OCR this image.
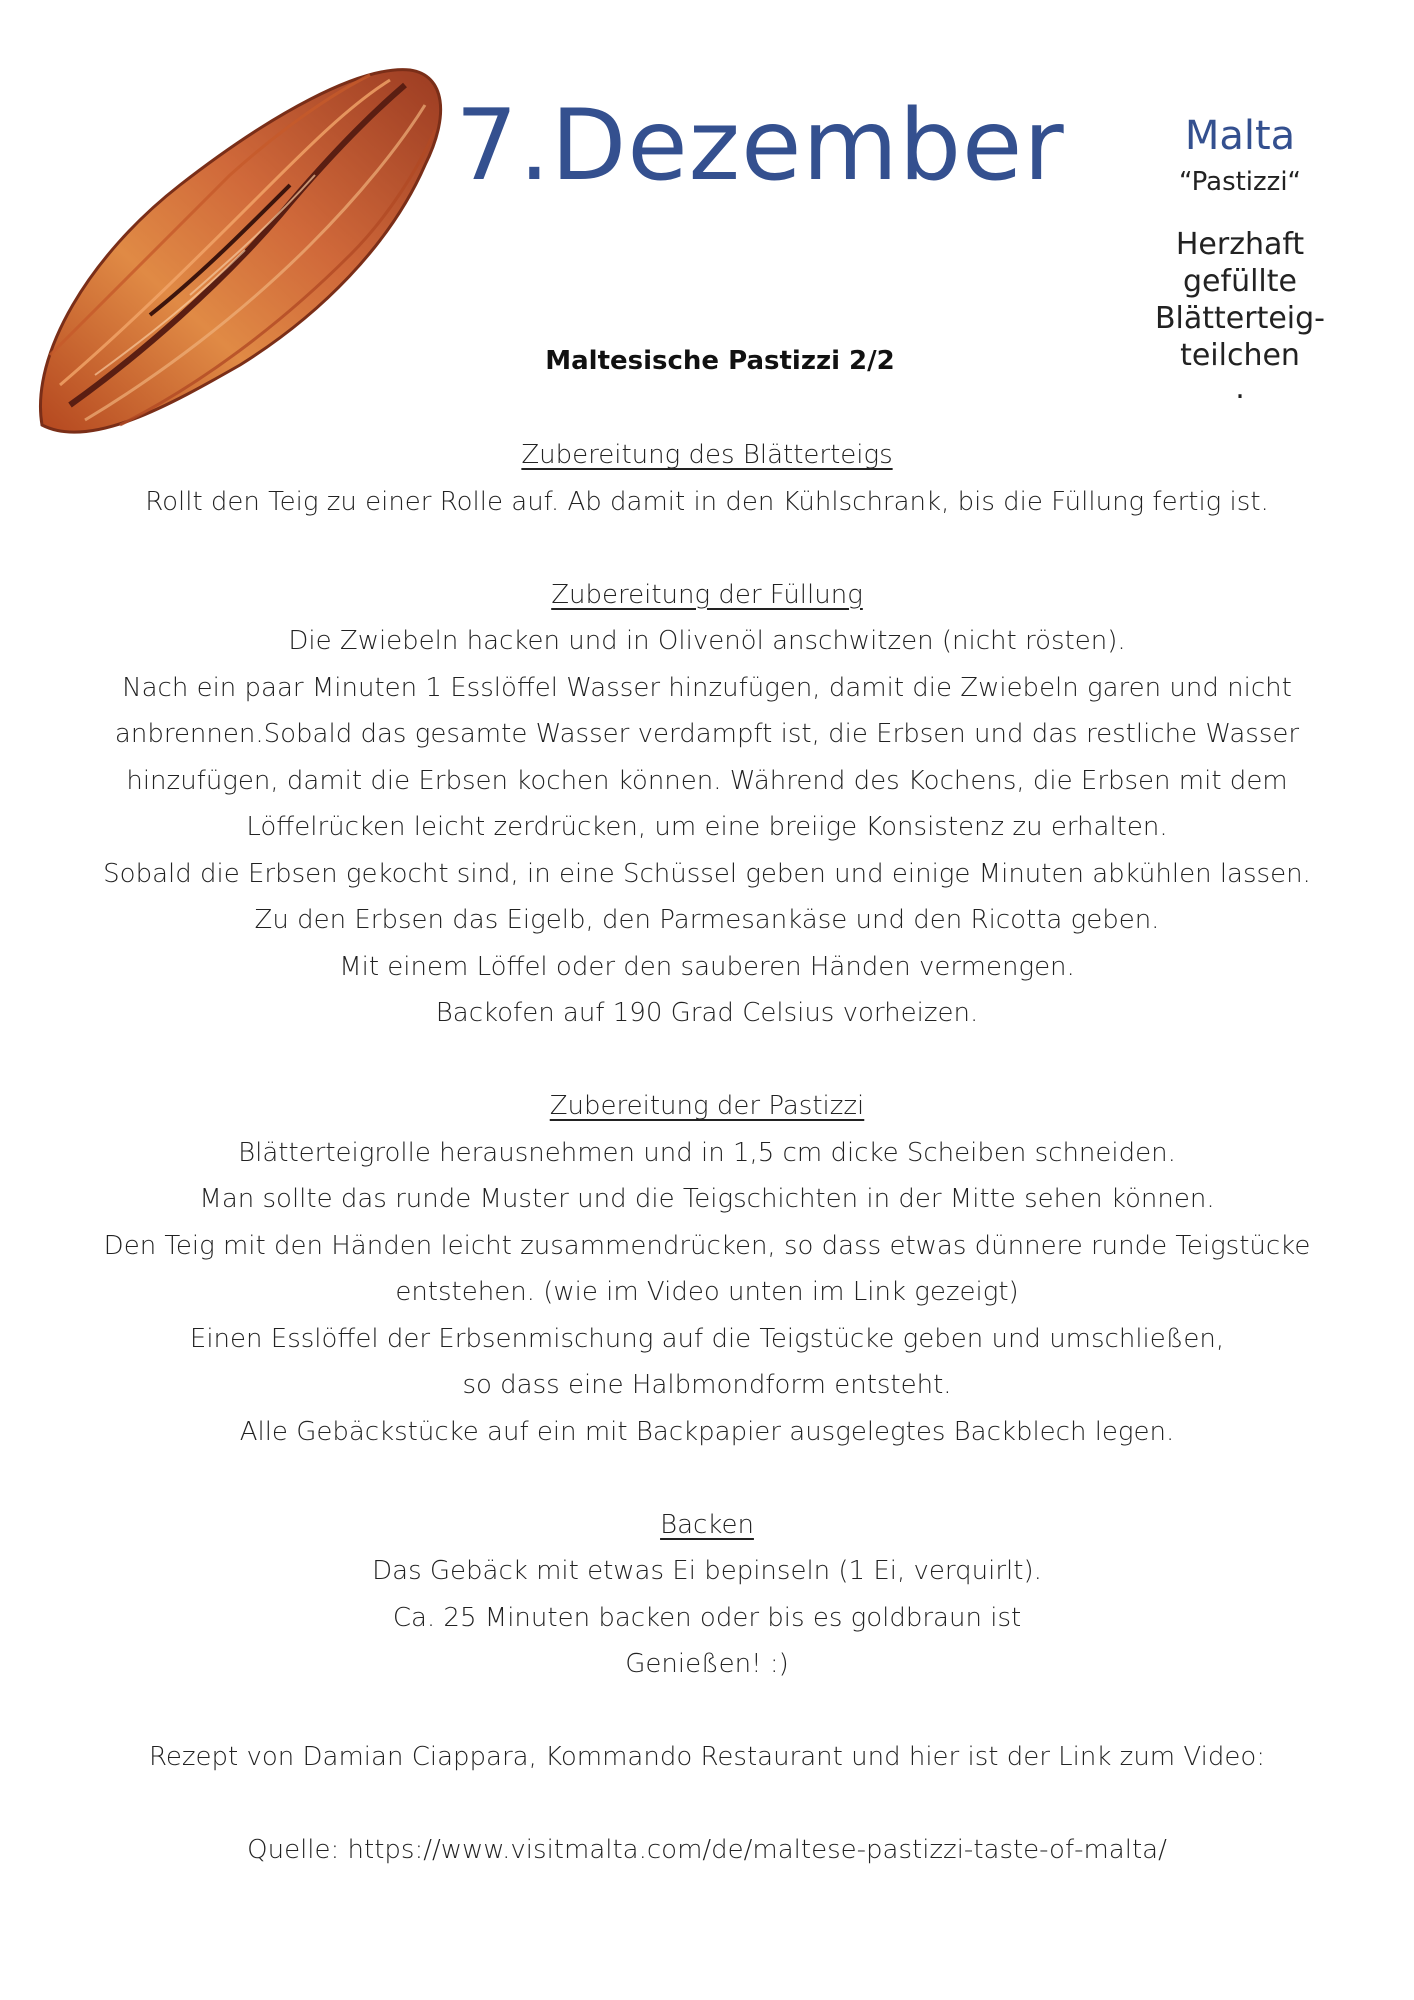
7.Dezember
Maltesische Pastizzi 2/2
Malta
“Pastizzi“
Herzhaft
gefüllte
Blätterteig-
teilchen
.

Zubereitung des Blätterteigs

Rollt den Teig zu einer Rolle auf. Ab damit in den Kühlschrank, bis die Füllung fertig ist.

Zubereitung der Füllung

Die Zwiebeln hacken und in Olivenöl anschwitzen (nicht rösten).

Nach ein paar Minuten 1 Esslöffel Wasser hinzufügen, damit die Zwiebeln garen und nicht

anbrennen.Sobald das gesamte Wasser verdampft ist, die Erbsen und das restliche Wasser

hinzufügen, damit die Erbsen kochen können. Während des Kochens, die Erbsen mit dem

Löffelrücken leicht zerdrücken, um eine breiige Konsistenz zu erhalten.

Sobald die Erbsen gekocht sind, in eine Schüssel geben und einige Minuten abkühlen lassen.

Zu den Erbsen das Eigelb, den Parmesankäse und den Ricotta geben.

Mit einem Löffel oder den sauberen Händen vermengen.

Backofen auf 190 Grad Celsius vorheizen.

Zubereitung der Pastizzi

Blätterteigrolle herausnehmen und in 1,5 cm dicke Scheiben schneiden.

Man sollte das runde Muster und die Teigschichten in der Mitte sehen können.

Den Teig mit den Händen leicht zusammendrücken, so dass etwas dünnere runde Teigstücke

entstehen. (wie im Video unten im Link gezeigt)

Einen Esslöffel der Erbsenmischung auf die Teigstücke geben und umschließen,

so dass eine Halbmondform entsteht.

Alle Gebäckstücke auf ein mit Backpapier ausgelegtes Backblech legen.

Backen

Das Gebäck mit etwas Ei bepinseln (1 Ei, verquirlt).

Ca. 25 Minuten backen oder bis es goldbraun ist

Genießen! :)

Rezept von Damian Ciappara, Kommando Restaurant und hier ist der Link zum Video:

Quelle: https://www.visitmalta.com/de/maltese-pastizzi-taste-of-malta/
